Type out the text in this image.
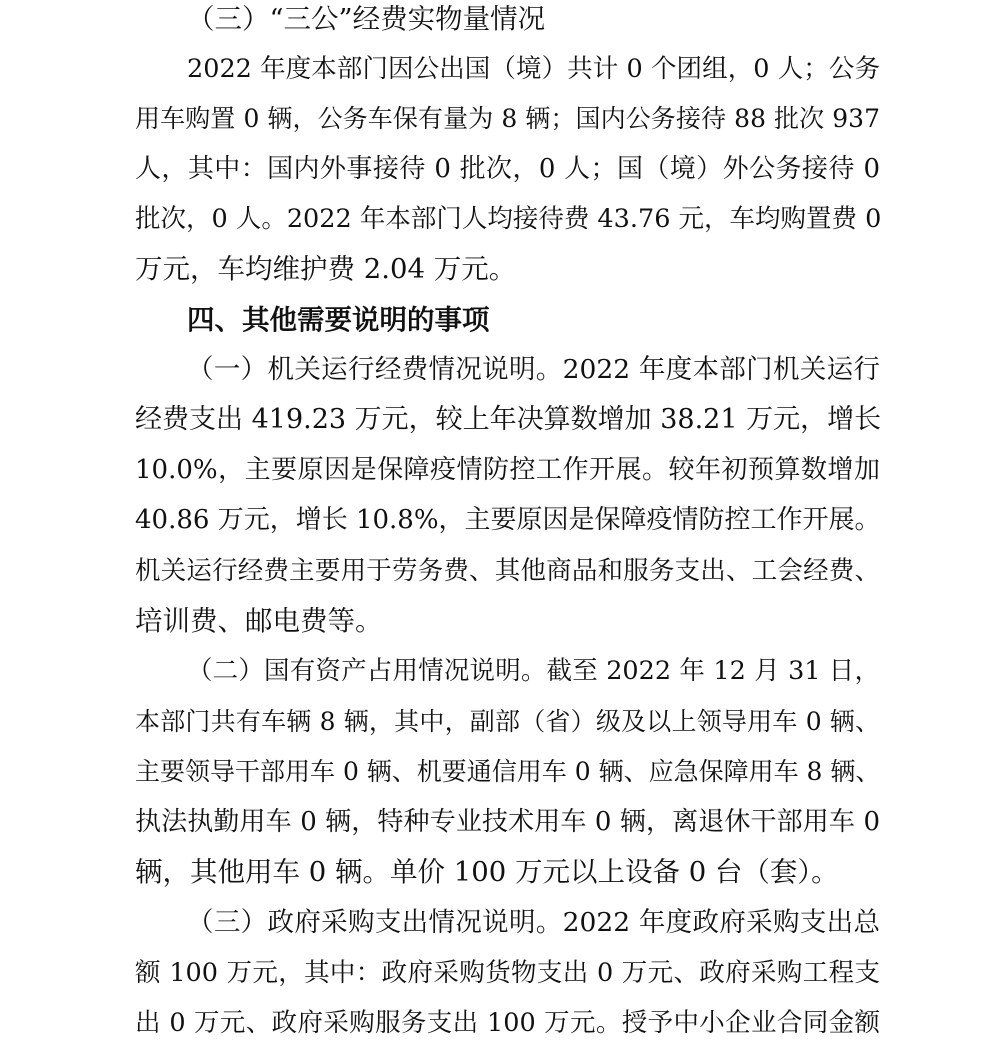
（三）“三公”经费实物量情况
2022 年度本部门因公出国（境）共计 0 个团组，0 人；公务
用车购置 0 辆，公务车保有量为 8 辆；国内公务接待 88 批次 937
人，其中：国内外事接待 0 批次，0 人；国（境）外公务接待 0
批次，0 人。2022 年本部门人均接待费 43.76 元，车均购置费 0
万元，车均维护费 2.04 万元。
四、其他需要说明的事项
（一）机关运行经费情况说明。2022 年度本部门机关运行
经费支出 419.23 万元，较上年决算数增加 38.21 万元，增长
10.0%，主要原因是保障疫情防控工作开展。较年初预算数增加
40.86 万元，增长 10.8%，主要原因是保障疫情防控工作开展。
机关运行经费主要用于劳务费、其他商品和服务支出、工会经费、
培训费、邮电费等。
（二）国有资产占用情况说明。截至 2022 年 12 月 31 日，
本部门共有车辆 8 辆，其中，副部（省）级及以上领导用车 0 辆、
主要领导干部用车 0 辆、机要通信用车 0 辆、应急保障用车 8 辆、
执法执勤用车 0 辆，特种专业技术用车 0 辆，离退休干部用车 0
辆，其他用车 0 辆。单价 100 万元以上设备 0 台（套）。
（三）政府采购支出情况说明。2022 年度政府采购支出总
额 100 万元，其中：政府采购货物支出 0 万元、政府采购工程支
出 0 万元、政府采购服务支出 100 万元。授予中小企业合同金额
